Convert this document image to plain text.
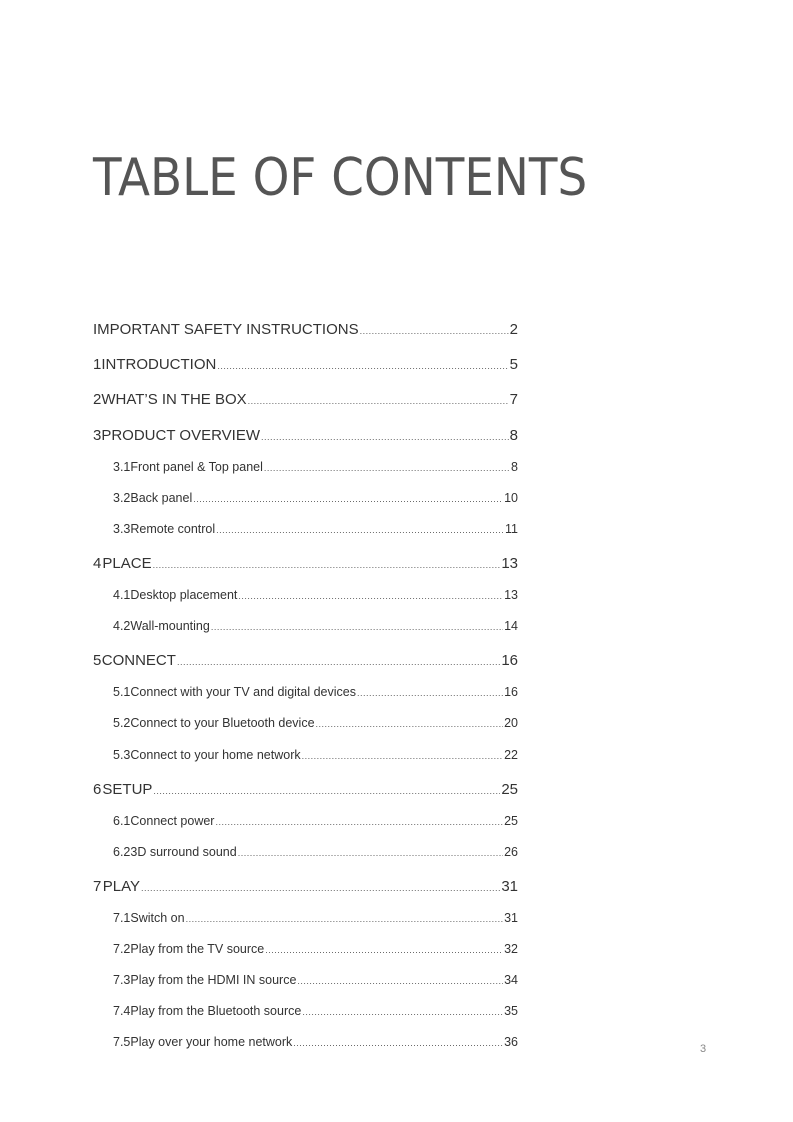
TABLE OF CONTENTS
IMPORTANT SAFETY INSTRUCTIONS .....	2
1 INTRODUCTION .....	5
2 WHAT’S IN THE BOX .....	7
3 PRODUCT OVERVIEW .....	8
3.1 Front panel & Top panel .....	8
3.2 Back panel .....	10
3.3 Remote control .....	11
4 PLACE .....	13
4.1 Desktop placement .....	13
4.2 Wall-mounting .....	14
5 CONNECT .....	16
5.1 Connect with your TV and digital devices .....	16
5.2 Connect to your Bluetooth device .....	20
5.3 Connect to your home network .....	22
6 SETUP .....	25
6.1 Connect power .....	25
6.2 3D surround sound .....	26
7 PLAY .....	31
7.1 Switch on .....	31
7.2 Play from the TV source .....	32
7.3 Play from the HDMI IN source .....	34
7.4 Play from the Bluetooth source .....	35
7.5 Play over your home network .....	36	3
